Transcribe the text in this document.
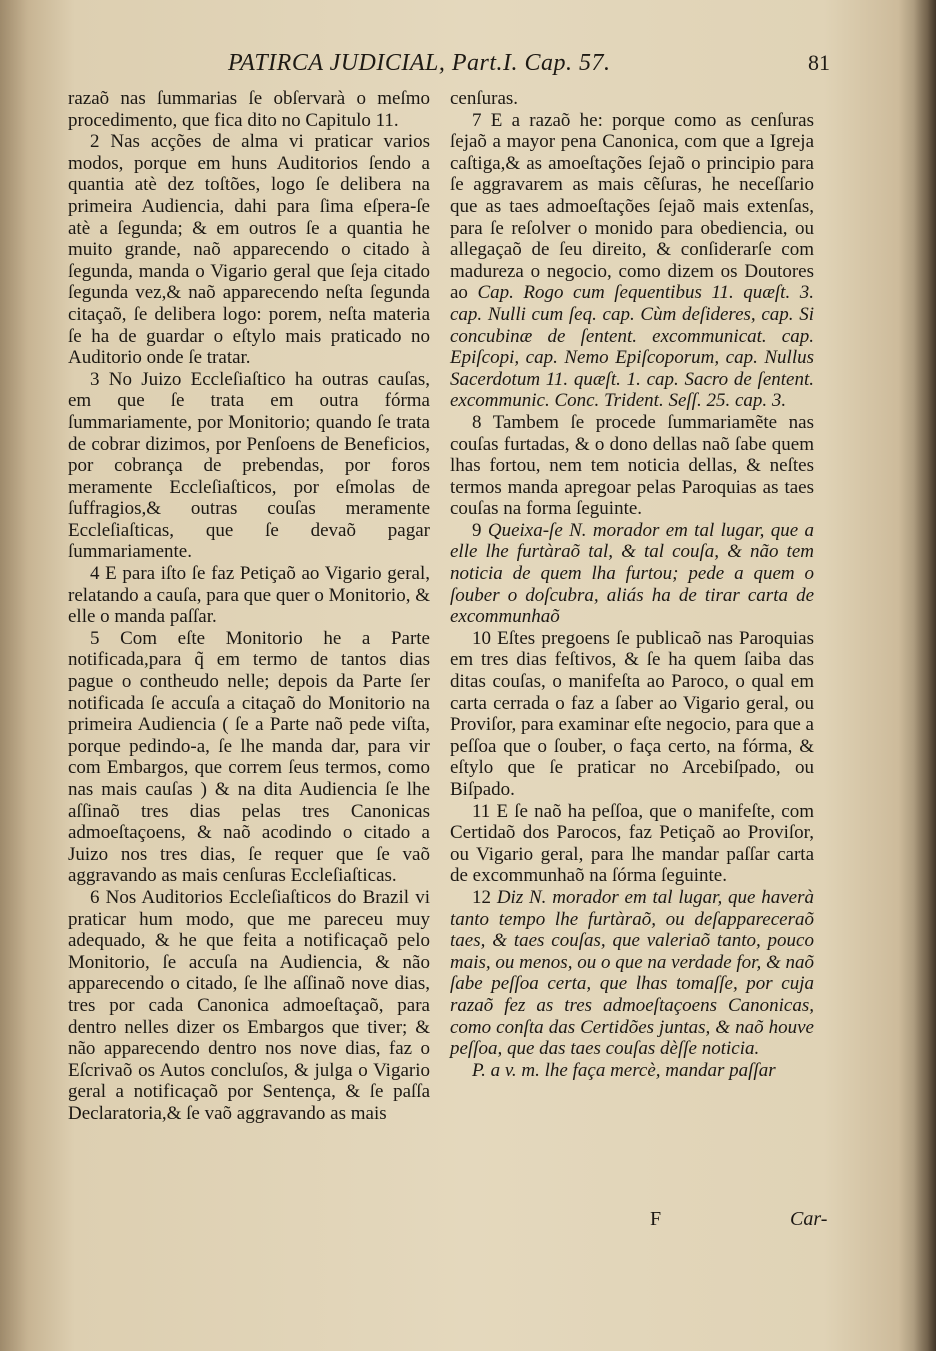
PATIRCA JUDICIAL, Part.I. Cap. 57.	81

razaõ nas ſummarias ſe obſervarà o meſmo procedimento, que fica dito no Capitulo 11.

2 Nas acções de alma vi praticar varios modos, porque em huns Auditorios ſendo a quantia atè dez toſtões, logo ſe delibera na primeira Audiencia, dahi para ſima eſpera-ſe atè a ſegunda; & em outros ſe a quantia he muito grande, naõ apparecendo o citado à ſegunda, manda o Vigario geral que ſeja citado ſegunda vez,& naõ apparecendo neſta ſegunda citaçaõ, ſe delibera logo: porem, neſta materia ſe ha de guardar o eſtylo mais praticado no Auditorio onde ſe tratar.

3 No Juizo Eccleſiaſtico ha outras cauſas, em que ſe trata em outra fórma ſummariamente, por Monitorio; quando ſe trata de cobrar dizimos, por Penſoens de Beneficios, por cobrança de prebendas, por foros meramente Eccleſiaſticos, por eſmolas de ſuffragios,& outras couſas meramente Eccleſiaſticas, que ſe devaõ pagar ſummariamente.

4 E para iſto ſe faz Petiçaõ ao Vigario geral, relatando a cauſa, para que quer o Monitorio, & elle o manda paſſar.

5 Com eſte Monitorio he a Parte notificada,para q̃ em termo de tantos dias pague o contheudo nelle; depois da Parte ſer notificada ſe accuſa a citaçaõ do Monitorio na primeira Audiencia ( ſe a Parte naõ pede viſta, porque pedindo-a, ſe lhe manda dar, para vir com Embargos, que correm ſeus termos, como nas mais cauſas ) & na dita Audiencia ſe lhe aſſinaõ tres dias pelas tres Canonicas admoeſtaçoens, & naõ acodindo o citado a Juizo nos tres dias, ſe requer que ſe vaõ aggravando as mais cenſuras Eccleſiaſticas.

6 Nos Auditorios Eccleſiaſticos do Brazil vi praticar hum modo, que me pareceu muy adequado, & he que feita a notificaçaõ pelo Monitorio, ſe accuſa na Audiencia, & não apparecendo o citado, ſe lhe aſſinaõ nove dias, tres por cada Canonica admoeſtaçaõ, para dentro nelles dizer os Embargos que tiver; & não apparecendo dentro nos nove dias, faz o Eſcrivaõ os Autos concluſos, & julga o Vigario geral a notificaçaõ por Sentença, & ſe paſſa Declaratoria,& ſe vaõ aggravando as mais

cenſuras.

7 E a razaõ he: porque como as cenſuras ſejaõ a mayor pena Canonica, com que a Igreja caſtiga,& as amoeſtações ſejaõ o principio para ſe aggravarem as mais cẽſuras, he neceſſario que as taes admoeſtações ſejaõ mais extenſas, para ſe reſolver o monido para obediencia, ou allegaçaõ de ſeu direito, & conſiderarſe com madureza o negocio, como dizem os Doutores ao Cap. Rogo cum ſequentibus 11. quæſt. 3. cap. Nulli cum ſeq. cap. Cùm deſideres, cap. Si concubinæ de ſentent. excommunicat. cap. Epiſcopi, cap. Nemo Epiſcoporum, cap. Nullus Sacerdotum 11. quæſt. 1. cap. Sacro de ſentent. excommunic. Conc. Trident. Seſſ. 25. cap. 3.

8 Tambem ſe procede ſummariamẽte nas couſas furtadas, & o dono dellas naõ ſabe quem lhas fortou, nem tem noticia dellas, & neſtes termos manda apregoar pelas Paroquias as taes couſas na forma ſeguinte.

9 Queixa-ſe N. morador em tal lugar, que a elle lhe furtàraõ tal, & tal couſa, & não tem noticia de quem lha furtou; pede a quem o ſouber o doſcubra, aliás ha de tirar carta de excommunhaõ

10 Eſtes pregoens ſe publicaõ nas Paroquias em tres dias feſtivos, & ſe ha quem ſaiba das ditas couſas, o manifeſta ao Paroco, o qual em carta cerrada o faz a ſaber ao Vigario geral, ou Proviſor, para examinar eſte negocio, para que a peſſoa que o ſouber, o faça certo, na fórma, & eſtylo que ſe praticar no Arcebiſpado, ou Biſpado.

11 E ſe naõ ha peſſoa, que o manifeſte, com Certidaõ dos Parocos, faz Petiçaõ ao Proviſor, ou Vigario geral, para lhe mandar paſſar carta de excommunhaõ na ſórma ſeguinte.

12 Diz N. morador em tal lugar, que haverà tanto tempo lhe furtàraõ, ou deſappareceraõ taes, & taes couſas, que valeriaõ tanto, pouco mais, ou menos, ou o que na verdade for, & naõ ſabe peſſoa certa, que lhas tomaſſe, por cuja razaõ fez as tres admoeſtaçoens Canonicas, como conſta das Certidões juntas, & naõ houve peſſoa, que das taes couſas dèſſe noticia.

P. a v. m. lhe faça mercè, mandar paſſar

F	Car-
